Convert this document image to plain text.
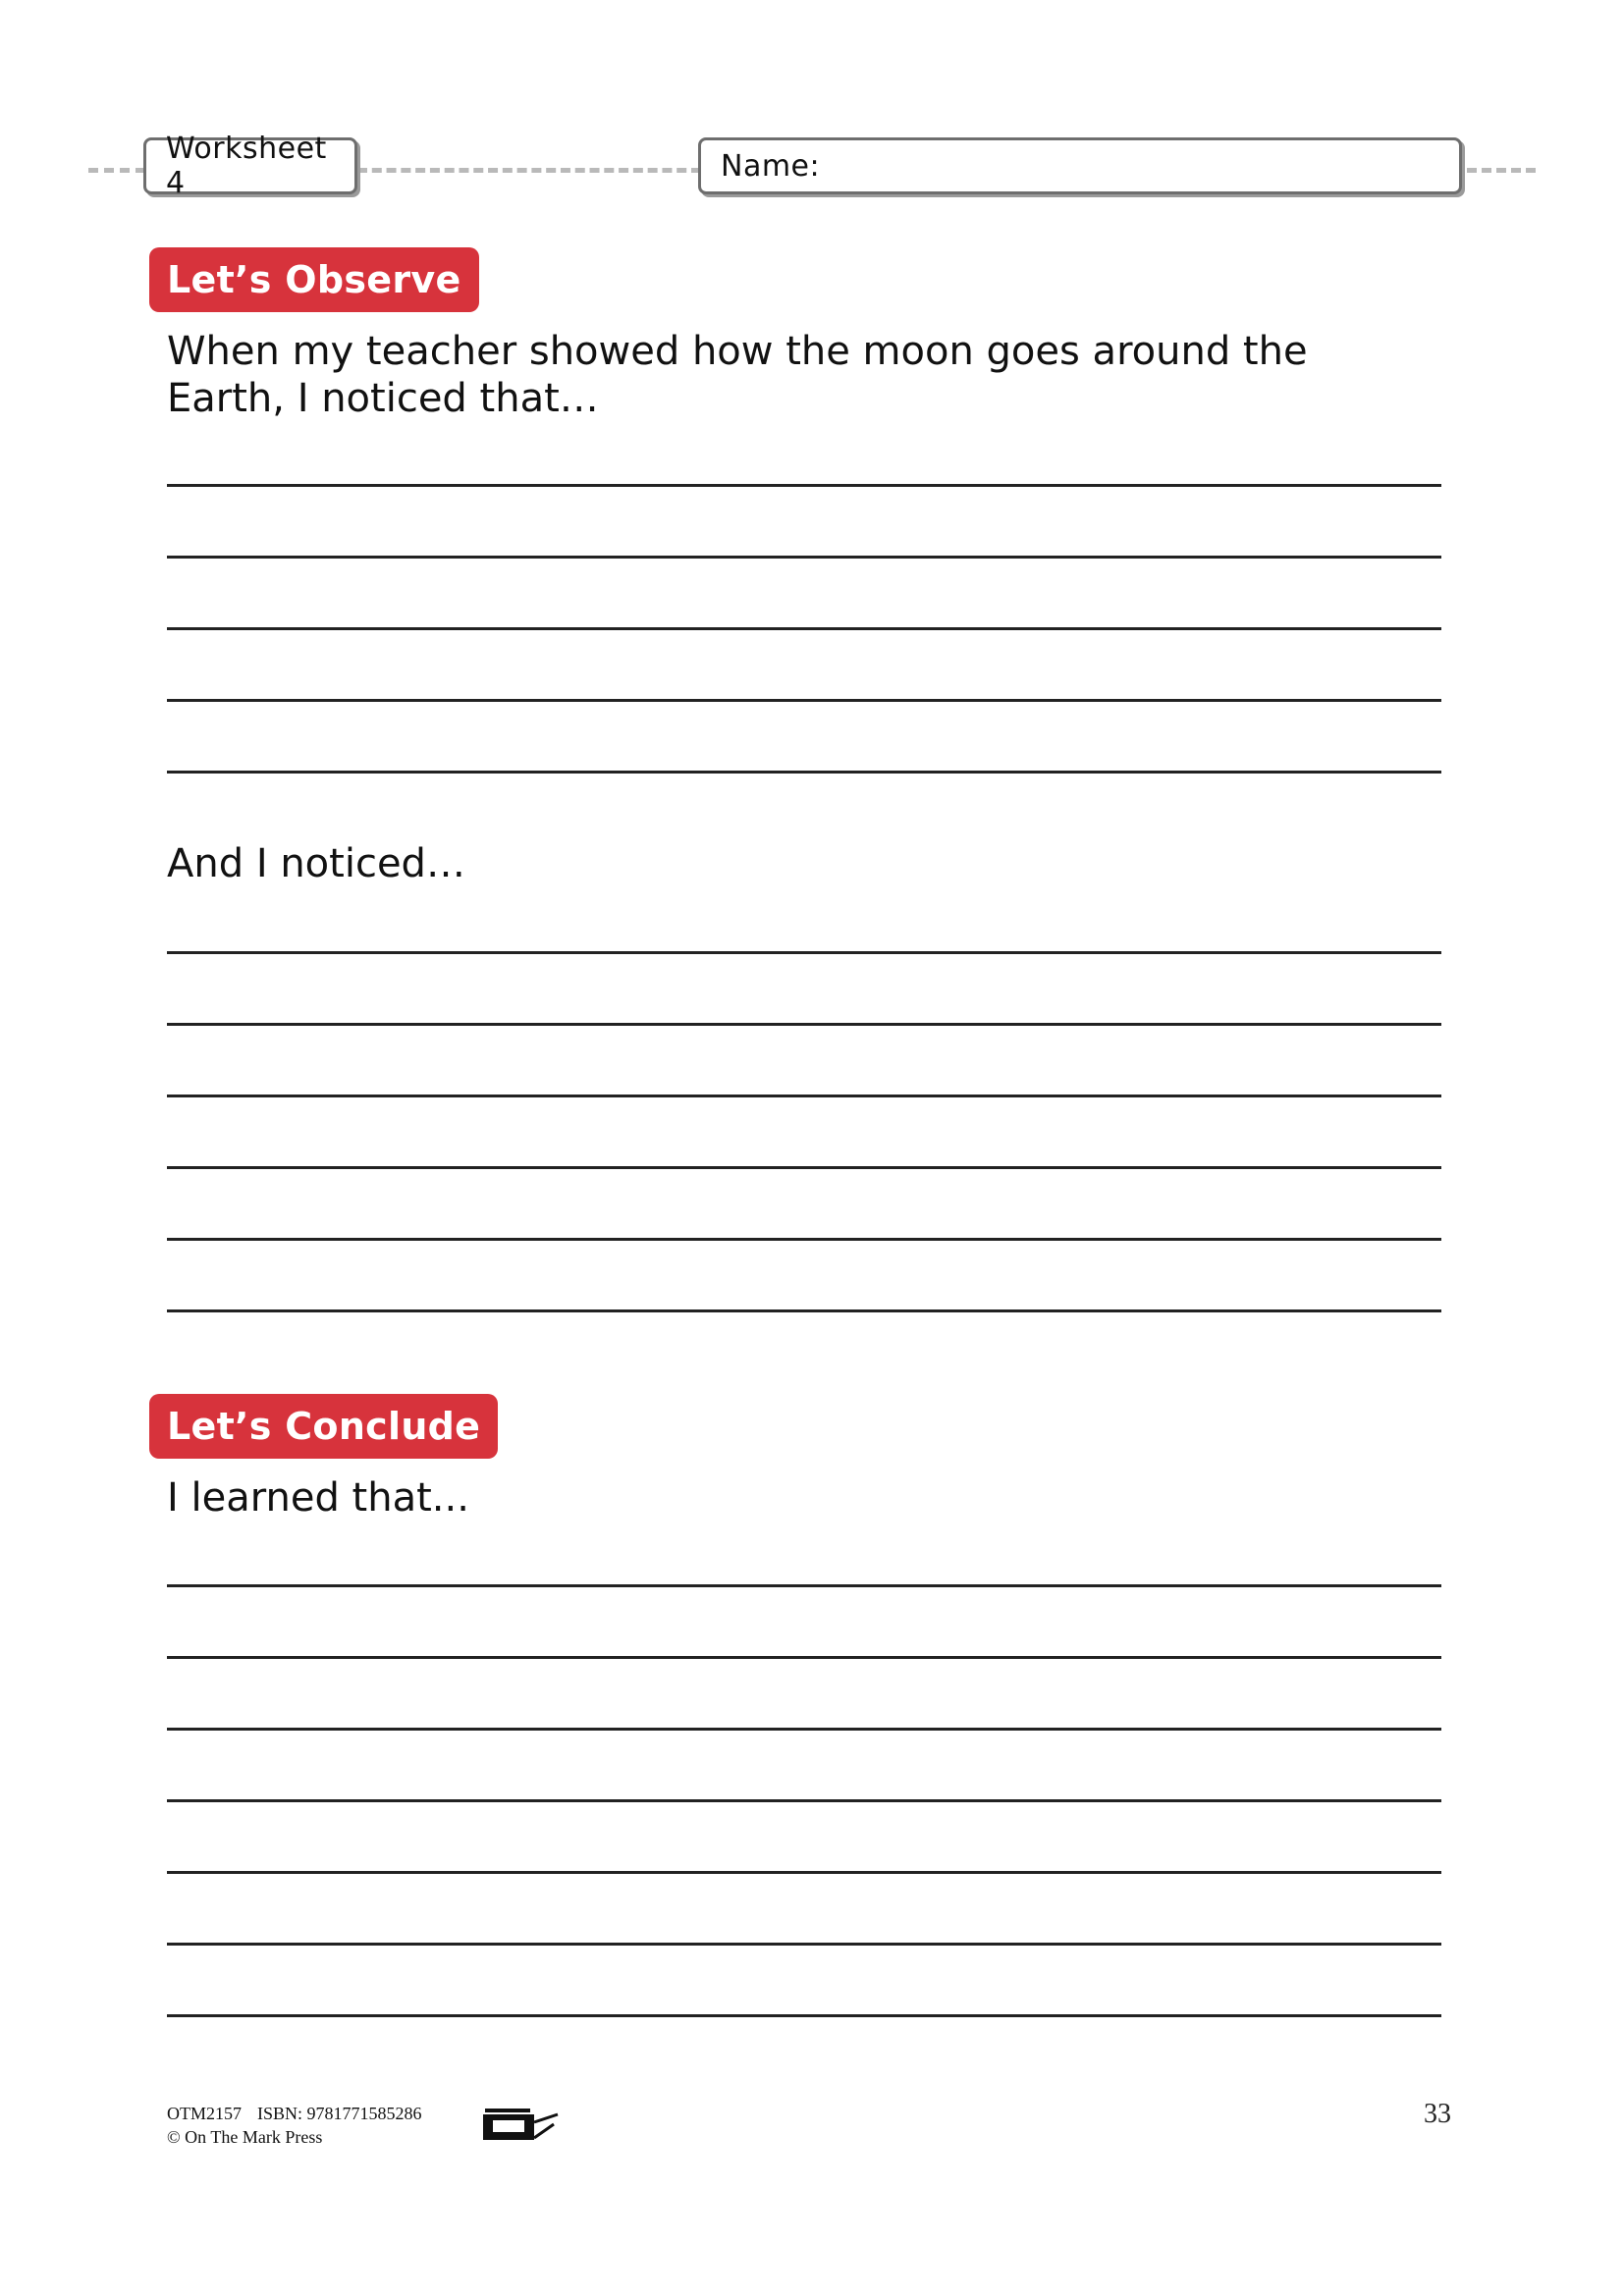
Worksheet 4	Name:
Let’s Observe
When my teacher showed how the moon goes around the Earth, I noticed that…
And I noticed…
Let’s Conclude
I learned that...
OTM2157 ISBN: 9781771585286
© On The Mark Press
33
